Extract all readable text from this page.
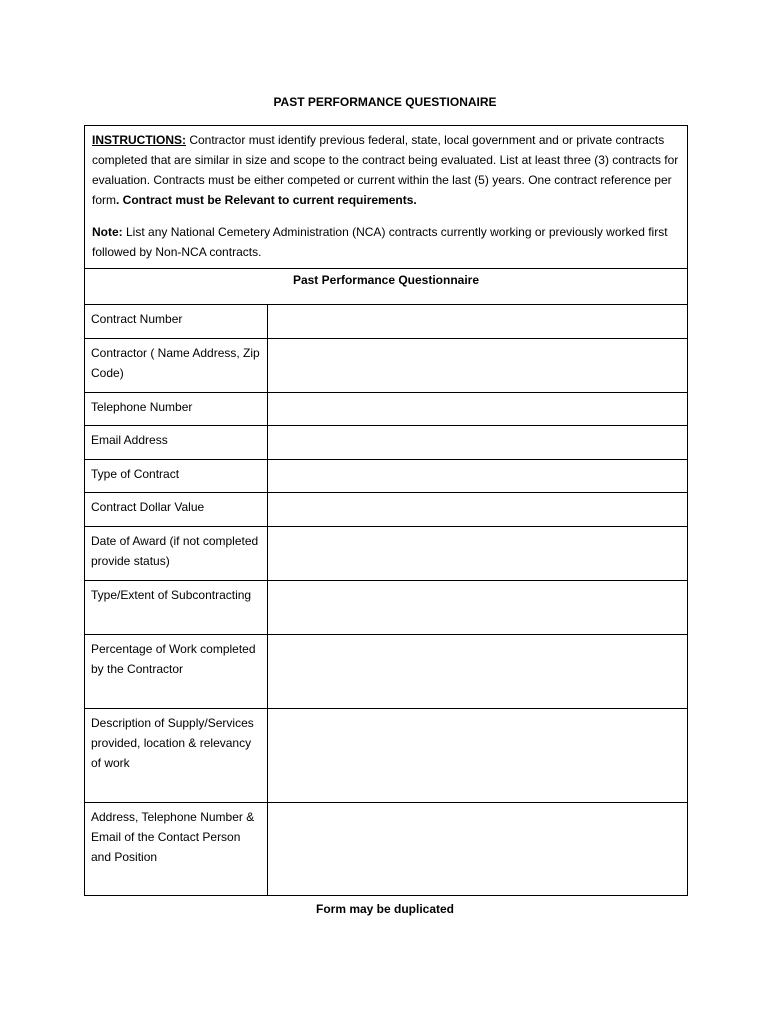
PAST PERFORMANCE QUESTIONAIRE

INSTRUCTIONS: Contractor must identify previous federal, state, local government and or private contracts completed that are similar in size and scope to the contract being evaluated. List at least three (3) contracts for evaluation. Contracts must be either competed or current within the last (5) years. One contract reference per form. Contract must be Relevant to current requirements.

Note: List any National Cemetery Administration (NCA) contracts currently working or previously worked first followed by Non-NCA contracts.

Past Performance Questionnaire
Contract Number	
Contractor ( Name Address, Zip Code)	
Telephone Number	
Email Address	
Type of Contract	
Contract Dollar Value	
Date of Award (if not completed provide status)	
Type/Extent of Subcontracting	
Percentage of Work completed by the Contractor	
Description of Supply/Services provided, location & relevancy of work	
Address, Telephone Number & Email of the Contact Person and Position	
Form may be duplicated
